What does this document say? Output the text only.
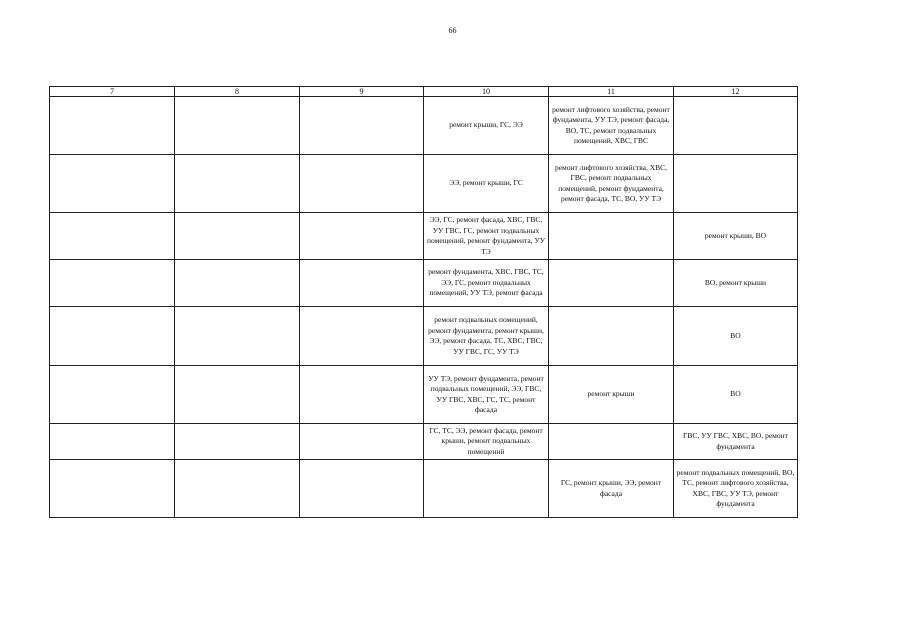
66
7	8	9	10	11	12
			ремонт крыши, ГС, ЭЭ	ремонт лифтового хозяйства, ремонт фундамента, УУ ТЭ, ремонт фасада, ВО, ТС, ремонт подвальных помещений, ХВС, ГВС	
			ЭЭ, ремонт крыши, ГС	ремонт лифтового хозяйства, ХВС, ГВС, ремонт подвальных помещений, ремонт фундамента, ремонт фасада, ТС, ВО, УУ ТЭ	
			ЭЭ, ГС, ремонт фасада, ХВС, ГВС, УУ ГВС, ГС, ремонт подвальных помещений, ремонт фундамента, УУ ТЭ		ремонт крыши, ВО
			ремонт фундамента, ХВС, ГВС, ТС, ЭЭ, ГС, ремонт подвальных помещений, УУ ТЭ, ремонт фасада		ВО, ремонт крыши
			ремонт подвальных помещений, ремонт фундамента, ремонт крыши, ЭЭ, ремонт фасада, ТС, ХВС, ГВС, УУ ГВС, ГС, УУ ТЭ		ВО
			УУ ТЭ, ремонт фундамента, ремонт подвальных помещений, ЭЭ, ГВС, УУ ГВС, ХВС, ГС, ТС, ремонт фасада	ремонт крыши	ВО
			ГС, ТС, ЭЭ, ремонт фасада, ремонт крыши, ремонт подвальных помещений		ГВС, УУ ГВС, ХВС, ВО, ремонт фундамента
				ГС, ремонт крыши, ЭЭ, ремонт фасада	ремонт подвальных помещений, ВО, ТС, ремонт лифтового хозяйства, ХВС, ГВС, УУ ТЭ, ремонт фундамента
